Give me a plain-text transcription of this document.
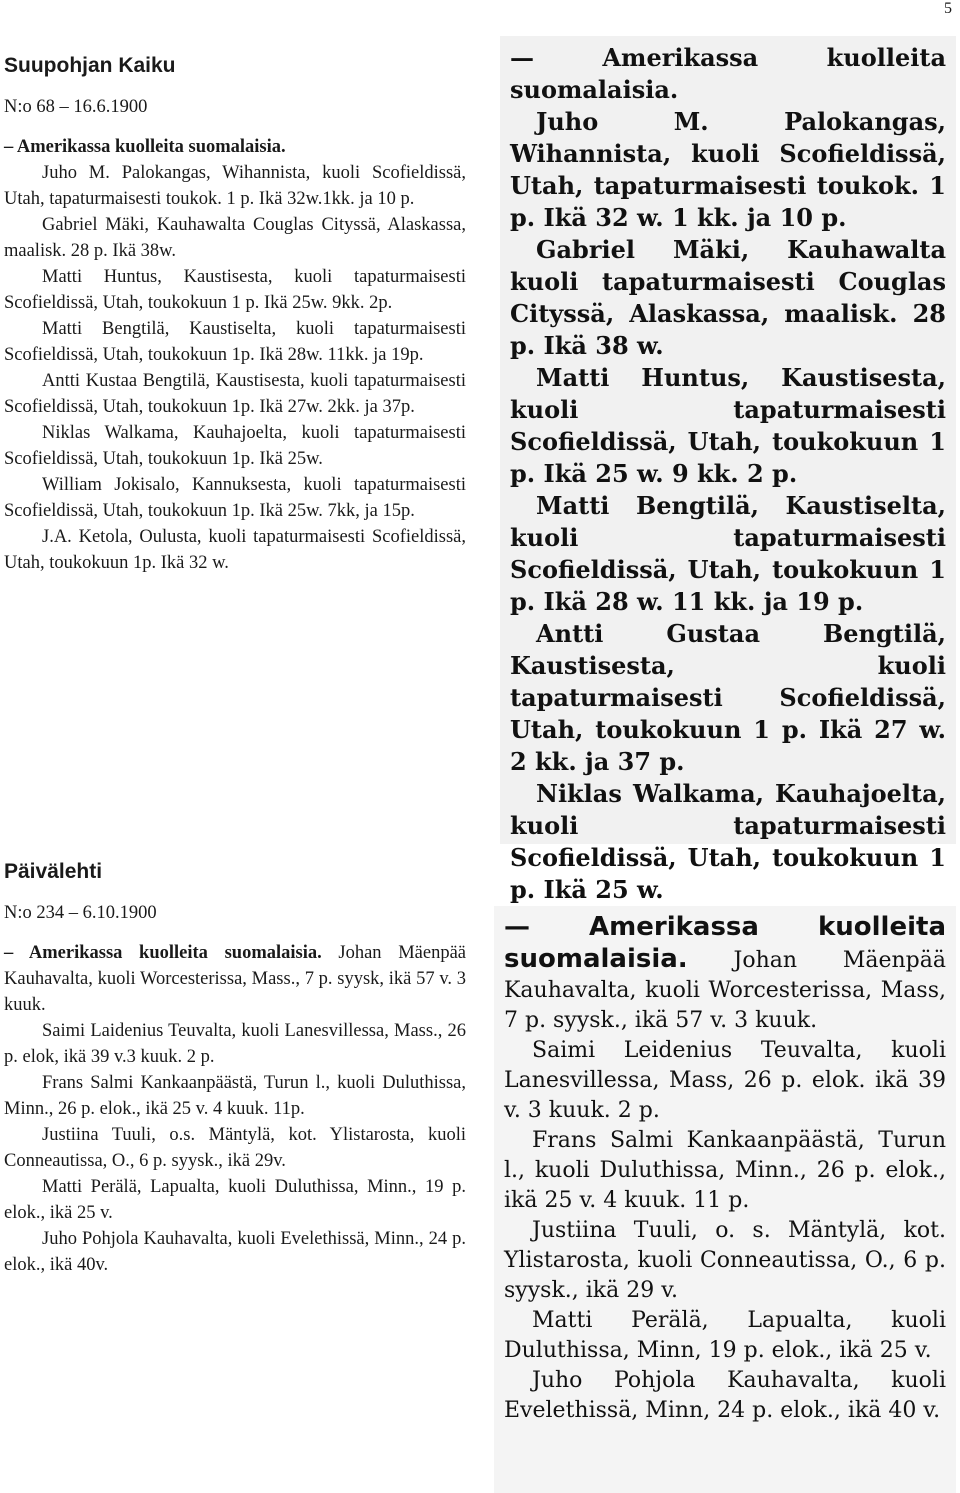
5
Suupohjan Kaiku
N:o 68 – 16.6.1900

– Amerikassa kuolleita suomalaisia.

Juho M. Palokangas, Wihannista, kuoli Scofieldissä, Utah, tapaturmaisesti toukok. 1 p. Ikä 32w.1kk. ja 10 p.

Gabriel Mäki, Kauhawalta Couglas Cityssä, Alaskassa, maalisk. 28 p. Ikä 38w.

Matti Huntus, Kaustisesta, kuoli tapaturmaisesti Scofieldissä, Utah, toukokuun 1 p. Ikä 25w. 9kk. 2p.

Matti Bengtilä, Kaustiselta, kuoli tapaturmaisesti Scofieldissä, Utah, toukokuun 1p. Ikä 28w. 11kk. ja 19p.

Antti Kustaa Bengtilä, Kaustisesta, kuoli tapaturmaisesti Scofieldissä, Utah, toukokuun 1p. Ikä 27w. 2kk. ja 37p.

Niklas Walkama, Kauhajoelta, kuoli tapaturmaisesti Scofieldissä, Utah, toukokuun 1p. Ikä 25w.

William Jokisalo, Kannuksesta, kuoli tapaturmaisesti Scofieldissä, Utah, toukokuun 1p. Ikä 25w. 7kk, ja 15p.

J.A. Ketola, Oulusta, kuoli tapaturmaisesti Scofieldissä, Utah, toukokuun 1p. Ikä 32 w.

Päivälehti
N:o 234 – 6.10.1900

– Amerikassa kuolleita suomalaisia. Johan Mäenpää Kauhavalta, kuoli Worcesterissa, Mass., 7 p. syysk, ikä 57 v. 3 kuuk.

Saimi Laidenius Teuvalta, kuoli Lanesvillessa, Mass., 26 p. elok, ikä 39 v.3 kuuk. 2 p.

Frans Salmi Kankaanpäästä, Turun l., kuoli Duluthissa, Minn., 26 p. elok., ikä 25 v. 4 kuuk. 11p.

Justiina Tuuli, o.s. Mäntylä, kot. Ylistarosta, kuoli Conneautissa, O., 6 p. syysk., ikä 29v.

Matti Perälä, Lapualta, kuoli Duluthissa, Minn., 19 p. elok., ikä 25 v.

Juho Pohjola Kauhavalta, kuoli Evelethissä, Minn., 24 p. elok., ikä 40v.

— Amerikassa kuolleita suomalaisia.

Juho M. Palokangas, Wihannista, kuoli Scofieldissä, Utah, tapaturmaisesti toukok. 1 p. Ikä 32 w. 1 kk. ja 10 p.

Gabriel Mäki, Kauhawalta kuoli tapaturmaisesti Couglas Cityssä, Alaskassa, maalisk. 28 p. Ikä 38 w.

Matti Huntus, Kaustisesta, kuoli tapaturmaisesti Scofieldissä, Utah, toukokuun 1 p. Ikä 25 w. 9 kk. 2 p.

Matti Bengtilä, Kaustiselta, kuoli tapaturmaisesti Scofieldissä, Utah, toukokuun 1 p. Ikä 28 w. 11 kk. ja 19 p.

Antti Gustaa Bengtilä, Kaustisesta, kuoli tapaturmaisesti Scofieldissä, Utah, toukokuun 1 p. Ikä 27 w. 2 kk. ja 37 p.

Niklas Walkama, Kauhajoelta, kuoli tapaturmaisesti Scofieldissä, Utah, toukokuun 1 p. Ikä 25 w.

— Amerikassa kuolleita suomalaisia. Johan Mäenpää Kauhavalta, kuoli Worcesterissa, Mass, 7 p. syysk., ikä 57 v. 3 kuuk.

Saimi Leidenius Teuvalta, kuoli Lanesvillessa, Mass, 26 p. elok. ikä 39 v. 3 kuuk. 2 p.

Frans Salmi Kankaanpäästä, Turun l., kuoli Duluthissa, Minn., 26 p. elok., ikä 25 v. 4 kuuk. 11 p.

Justiina Tuuli, o. s. Mäntylä, kot. Ylistarosta, kuoli Conneautissa, O., 6 p. syysk., ikä 29 v.

Matti Perälä, Lapualta, kuoli Duluthissa, Minn, 19 p. elok., ikä 25 v.

Juho Pohjola Kauhavalta, kuoli Evelethissä, Minn, 24 p. elok., ikä 40 v.
